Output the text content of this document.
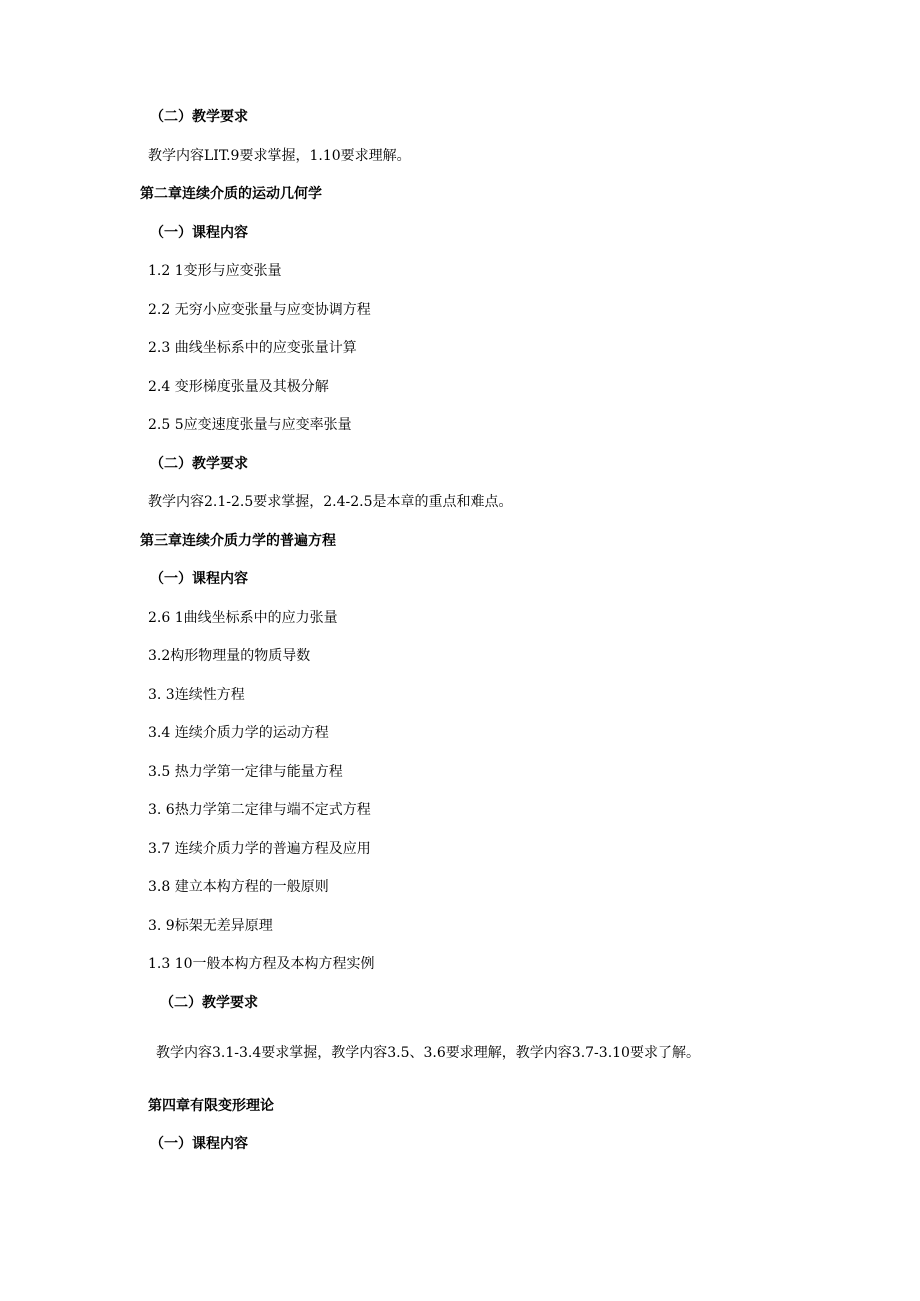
（二）教学要求
教学内容LIT.9要求掌握，1.10要求理解。
第二章连续介质的运动几何学
（一）课程内容
1.2 1变形与应变张量
2.2 无穷小应变张量与应变协调方程
2.3 曲线坐标系中的应变张量计算
2.4 变形梯度张量及其极分解
2.5 5应变速度张量与应变率张量
（二）教学要求
教学内容2.1-2.5要求掌握，2.4-2.5是本章的重点和难点。
第三章连续介质力学的普遍方程
（一）课程内容
2.6 1曲线坐标系中的应力张量
3.2构形物理量的物质导数
3. 3连续性方程
3.4 连续介质力学的运动方程
3.5 热力学第一定律与能量方程
3. 6热力学第二定律与端不定式方程
3.7 连续介质力学的普遍方程及应用
3.8 建立本构方程的一般原则
3. 9标架无差异原理
1.3 10一般本构方程及本构方程实例
（二）教学要求
教学内容3.1-3.4要求掌握，教学内容3.5、3.6要求理解，教学内容3.7-3.10要求了解。
第四章有限变形理论
（一）课程内容
